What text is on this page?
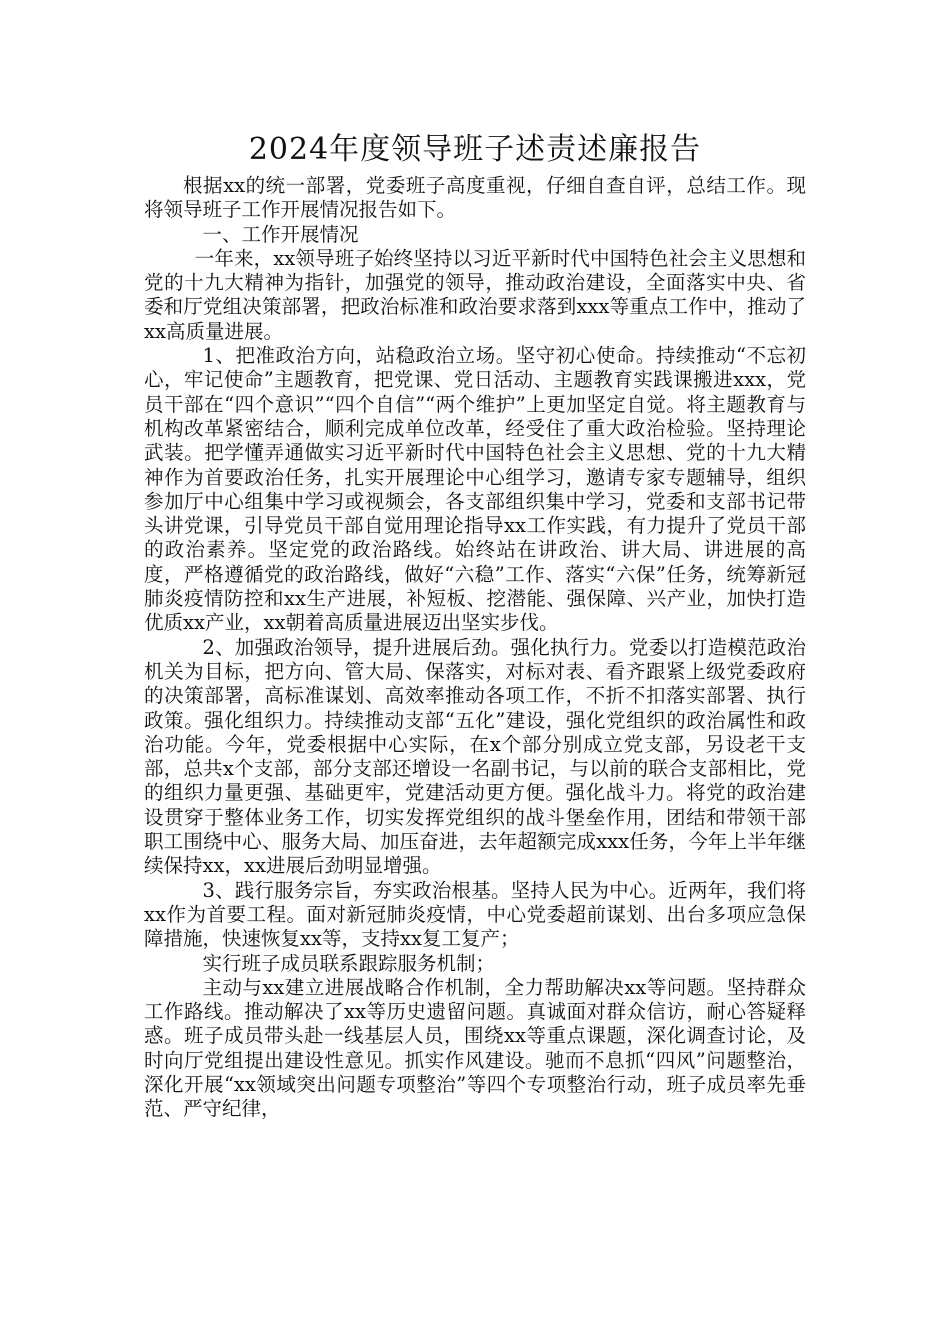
2024年度领导班子述责述廉报告

根据xx的统一部署，党委班子高度重视，仔细自查自评，总结工作。现将领导班子工作开展情况报告如下。

一、工作开展情况

一年来，xx领导班子始终坚持以习近平新时代中国特色社会主义思想和党的十九大精神为指针，加强党的领导，推动政治建设，全面落实中央、省委和厅党组决策部署，把政治标准和政治要求落到xxx等重点工作中，推动了xx高质量进展。

1、把准政治方向，站稳政治立场。坚守初心使命。持续推动“不忘初心，牢记使命”主题教育，把党课、党日活动、主题教育实践课搬进xxx，党员干部在“四个意识”“四个自信”“两个维护”上更加坚定自觉。将主题教育与机构改革紧密结合，顺利完成单位改革，经受住了重大政治检验。坚持理论武装。把学懂弄通做实习近平新时代中国特色社会主义思想、党的十九大精神作为首要政治任务，扎实开展理论中心组学习，邀请专家专题辅导，组织参加厅中心组集中学习或视频会，各支部组织集中学习，党委和支部书记带头讲党课，引导党员干部自觉用理论指导xx工作实践，有力提升了党员干部的政治素养。坚定党的政治路线。始终站在讲政治、讲大局、讲进展的高度，严格遵循党的政治路线，做好“六稳”工作、落实“六保”任务，统筹新冠肺炎疫情防控和xx生产进展，补短板、挖潜能、强保障、兴产业，加快打造优质xx产业，xx朝着高质量进展迈出坚实步伐。

2、加强政治领导，提升进展后劲。强化执行力。党委以打造模范政治机关为目标，把方向、管大局、保落实，对标对表、看齐跟紧上级党委政府的决策部署，高标准谋划、高效率推动各项工作，不折不扣落实部署、执行政策。强化组织力。持续推动支部“五化”建设，强化党组织的政治属性和政治功能。今年，党委根据中心实际，在x个部分别成立党支部，另设老干支部，总共x个支部，部分支部还增设一名副书记，与以前的联合支部相比，党的组织力量更强、基础更牢，党建活动更方便。强化战斗力。将党的政治建设贯穿于整体业务工作，切实发挥党组织的战斗堡垒作用，团结和带领干部职工围绕中心、服务大局、加压奋进，去年超额完成xxx任务，今年上半年继续保持xx，xx进展后劲明显增强。

3、践行服务宗旨，夯实政治根基。坚持人民为中心。近两年，我们将xx作为首要工程。面对新冠肺炎疫情，中心党委超前谋划、出台多项应急保障措施，快速恢复xx等，支持xx复工复产；

实行班子成员联系跟踪服务机制；

主动与xx建立进展战略合作机制，全力帮助解决xx等问题。坚持群众工作路线。推动解决了xx等历史遗留问题。真诚面对群众信访，耐心答疑释惑。班子成员带头赴一线基层人员，围绕xx等重点课题，深化调查讨论，及时向厅党组提出建设性意见。抓实作风建设。驰而不息抓“四风”问题整治，深化开展“xx领域突出问题专项整治”等四个专项整治行动，班子成员率先垂范、严守纪律，
